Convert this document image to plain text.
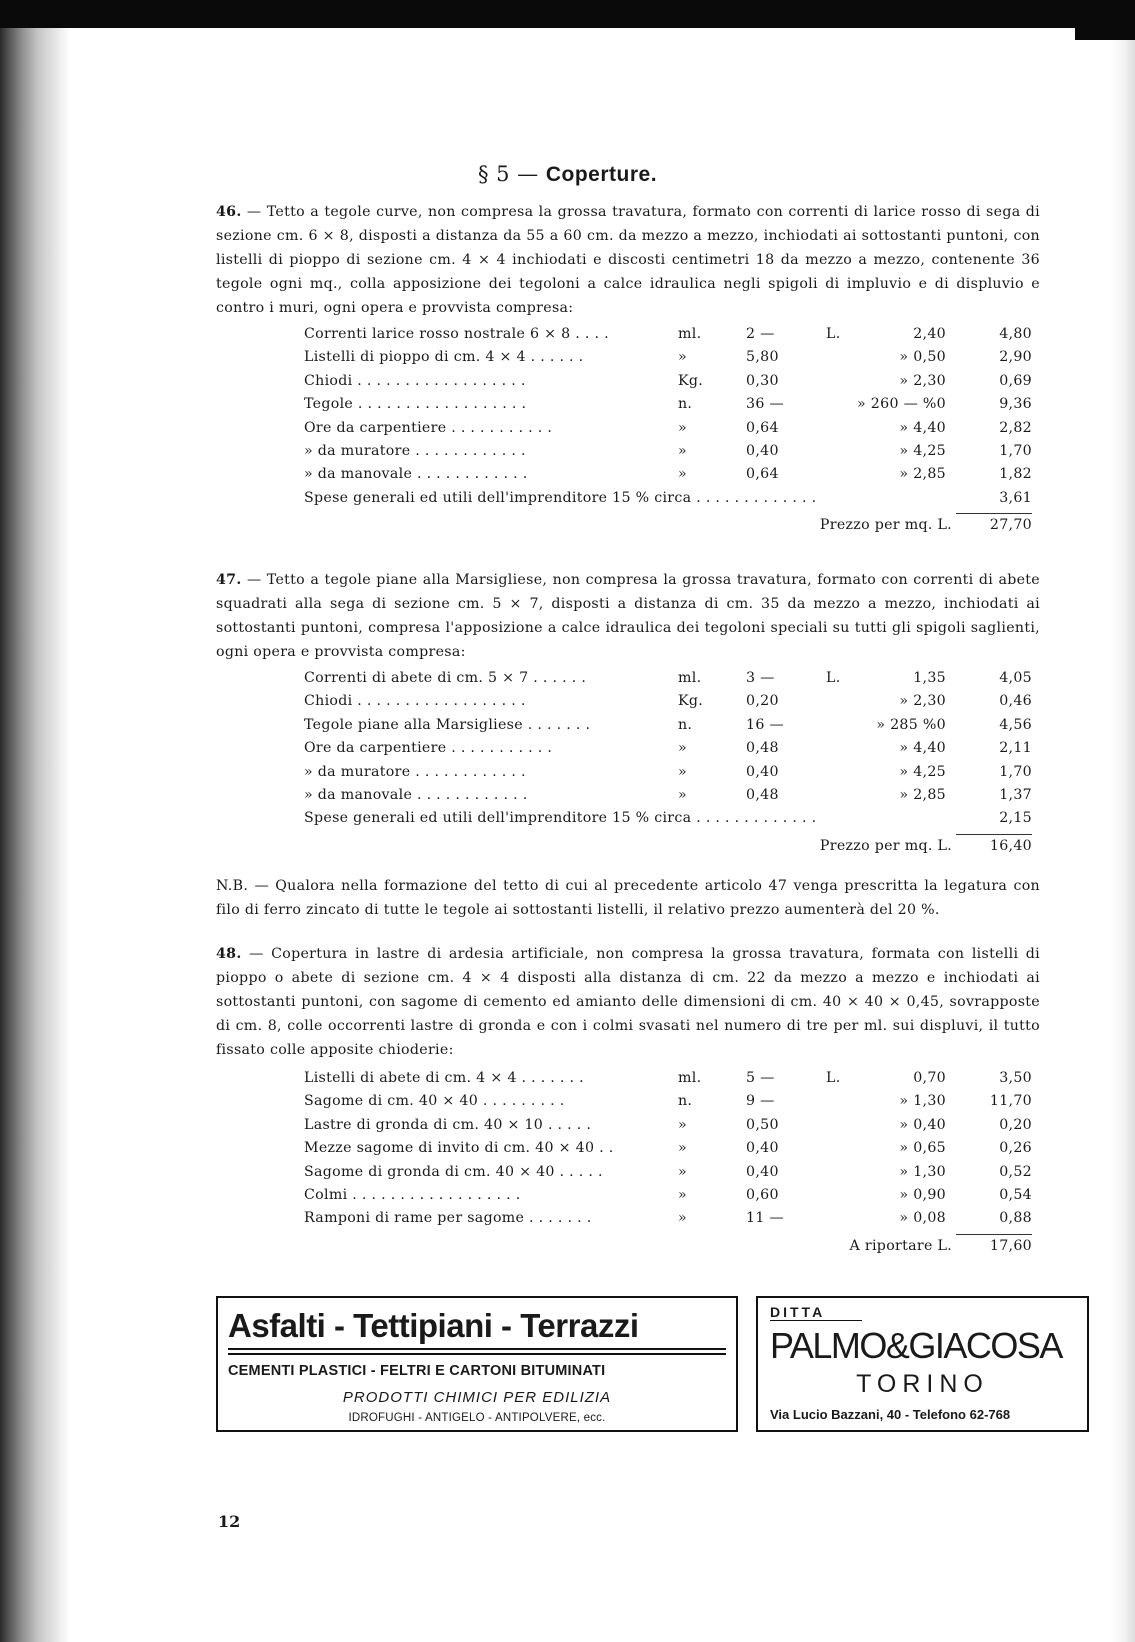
§ 5 — Coperture.
46. — Tetto a tegole curve, non compresa la grossa travatura, formato con correnti di larice rosso di sega di sezione cm. 6 × 8, disposti a distanza da 55 a 60 cm. da mezzo a mezzo, inchiodati ai sottostanti puntoni, con listelli di pioppo di sezione cm. 4 × 4 inchiodati e discosti centimetri 18 da mezzo a mezzo, contenente 36 tegole ogni mq., colla apposizione dei tegoloni a calce idraulica negli spigoli di impluvio e di displuvio e contro i muri, ogni opera e provvista compresa:
Correnti larice rosso nostrale 6 × 8 . . . .	ml.	2 —	L.	2,40	4,80
Listelli di pioppo di cm. 4 × 4 . . . . . .	»	5,80	» 0,50	2,90
Chiodi . . . . . . . . . . . . . . . . . .	Kg.	0,30	» 2,30	0,69
Tegole . . . . . . . . . . . . . . . . . .	n.	36 —	» 260 — %0	9,36
Ore da carpentiere . . . . . . . . . . .	»	0,64	» 4,40	2,82
» da muratore . . . . . . . . . . . .	»	0,40	» 4,25	1,70
» da manovale . . . . . . . . . . . .	»	0,64	» 2,85	1,82
Spese generali ed utili dell'imprenditore 15 % circa . . . . . . . . . . . . .	3,61
Prezzo per mq. L.	27,70
47. — Tetto a tegole piane alla Marsigliese, non compresa la grossa travatura, formato con correnti di abete squadrati alla sega di sezione cm. 5 × 7, disposti a distanza di cm. 35 da mezzo a mezzo, inchiodati ai sottostanti puntoni, compresa l'apposizione a calce idraulica dei tegoloni speciali su tutti gli spigoli saglienti, ogni opera e provvista compresa:
Correnti di abete di cm. 5 × 7 . . . . . .	ml.	3 —	L.	1,35	4,05
Chiodi . . . . . . . . . . . . . . . . . .	Kg.	0,20	» 2,30	0,46
Tegole piane alla Marsigliese . . . . . . .	n.	16 —	» 285 %0	4,56
Ore da carpentiere . . . . . . . . . . .	»	0,48	» 4,40	2,11
» da muratore . . . . . . . . . . . .	»	0,40	» 4,25	1,70
» da manovale . . . . . . . . . . . .	»	0,48	» 2,85	1,37
Spese generali ed utili dell'imprenditore 15 % circa . . . . . . . . . . . . .	2,15
Prezzo per mq. L.	16,40
N.B. — Qualora nella formazione del tetto di cui al precedente articolo 47 venga prescritta la legatura con filo di ferro zincato di tutte le tegole ai sottostanti listelli, il relativo prezzo aumenterà del 20 %.
48. — Copertura in lastre di ardesia artificiale, non compresa la grossa travatura, formata con listelli di pioppo o abete di sezione cm. 4 × 4 disposti alla distanza di cm. 22 da mezzo a mezzo e inchiodati ai sottostanti puntoni, con sagome di cemento ed amianto delle dimensioni di cm. 40 × 40 × 0,45, sovrapposte di cm. 8, colle occorrenti lastre di gronda e con i colmi svasati nel numero di tre per ml. sui displuvi, il tutto fissato colle apposite chioderie:
Listelli di abete di cm. 4 × 4 . . . . . . .	ml.	5 —	L.	0,70	3,50
Sagome di cm. 40 × 40 . . . . . . . . .	n.	9 —	» 1,30	11,70
Lastre di gronda di cm. 40 × 10 . . . . .	»	0,50	» 0,40	0,20
Mezze sagome di invito di cm. 40 × 40 . .	»	0,40	» 0,65	0,26
Sagome di gronda di cm. 40 × 40 . . . . .	»	0,40	» 1,30	0,52
Colmi . . . . . . . . . . . . . . . . . .	»	0,60	» 0,90	0,54
Ramponi di rame per sagome . . . . . . .	»	11 —	» 0,08	0,88
A riportare L.	17,60
Asfalti - Tettipiani - Terrazzi
CEMENTI PLASTICI - FELTRI E CARTONI BITUMINATI
PRODOTTI CHIMICI PER EDILIZIA
IDROFUGHI - ANTIGELO - ANTIPOLVERE, ecc.
DITTA
PALMO&GIACOSA
TORINO
Via Lucio Bazzani, 40 - Telefono 62-768
12
